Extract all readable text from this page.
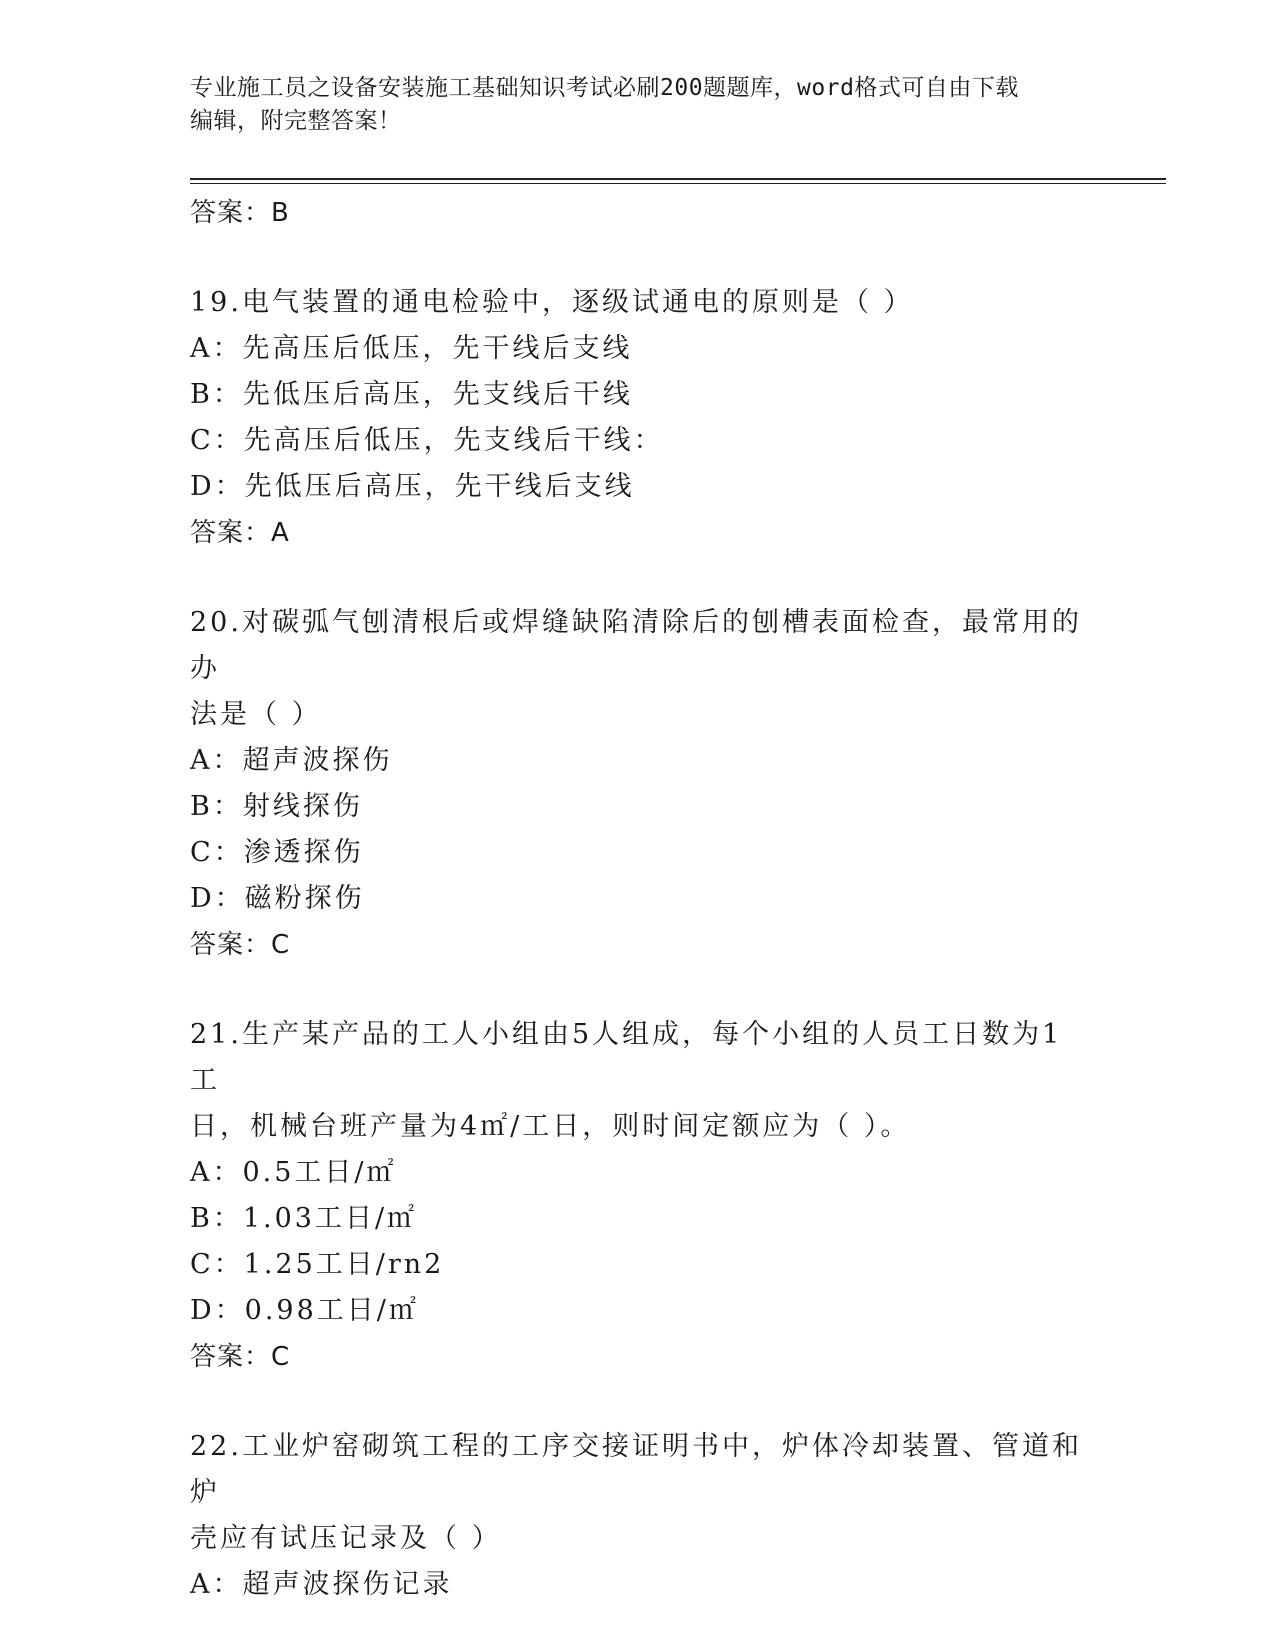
专业施工员之设备安装施工基础知识考试必刷200题题库，word格式可自由下载
编辑，附完整答案！
答案：B
19.电气装置的通电检验中，逐级试通电的原则是（ ）
A：先高压后低压，先干线后支线
B：先低压后高压，先支线后干线
C：先高压后低压，先支线后干线：
D：先低压后高压，先干线后支线
答案：A
20.对碳弧气刨清根后或焊缝缺陷清除后的刨槽表面检查，最常用的办
法是（ ）
A：超声波探伤
B：射线探伤
C：渗透探伤
D：磁粉探伤
答案：C
21.生产某产品的工人小组由5人组成，每个小组的人员工日数为1工
日，机械台班产量为4㎡/工日，则时间定额应为（ ）。
A：0.5工日/㎡
B：1.03工日/㎡
C：1.25工日/rn2
D：0.98工日/㎡
答案：C
22.工业炉窑砌筑工程的工序交接证明书中，炉体冷却装置、管道和炉
壳应有试压记录及（ ）
A：超声波探伤记录
